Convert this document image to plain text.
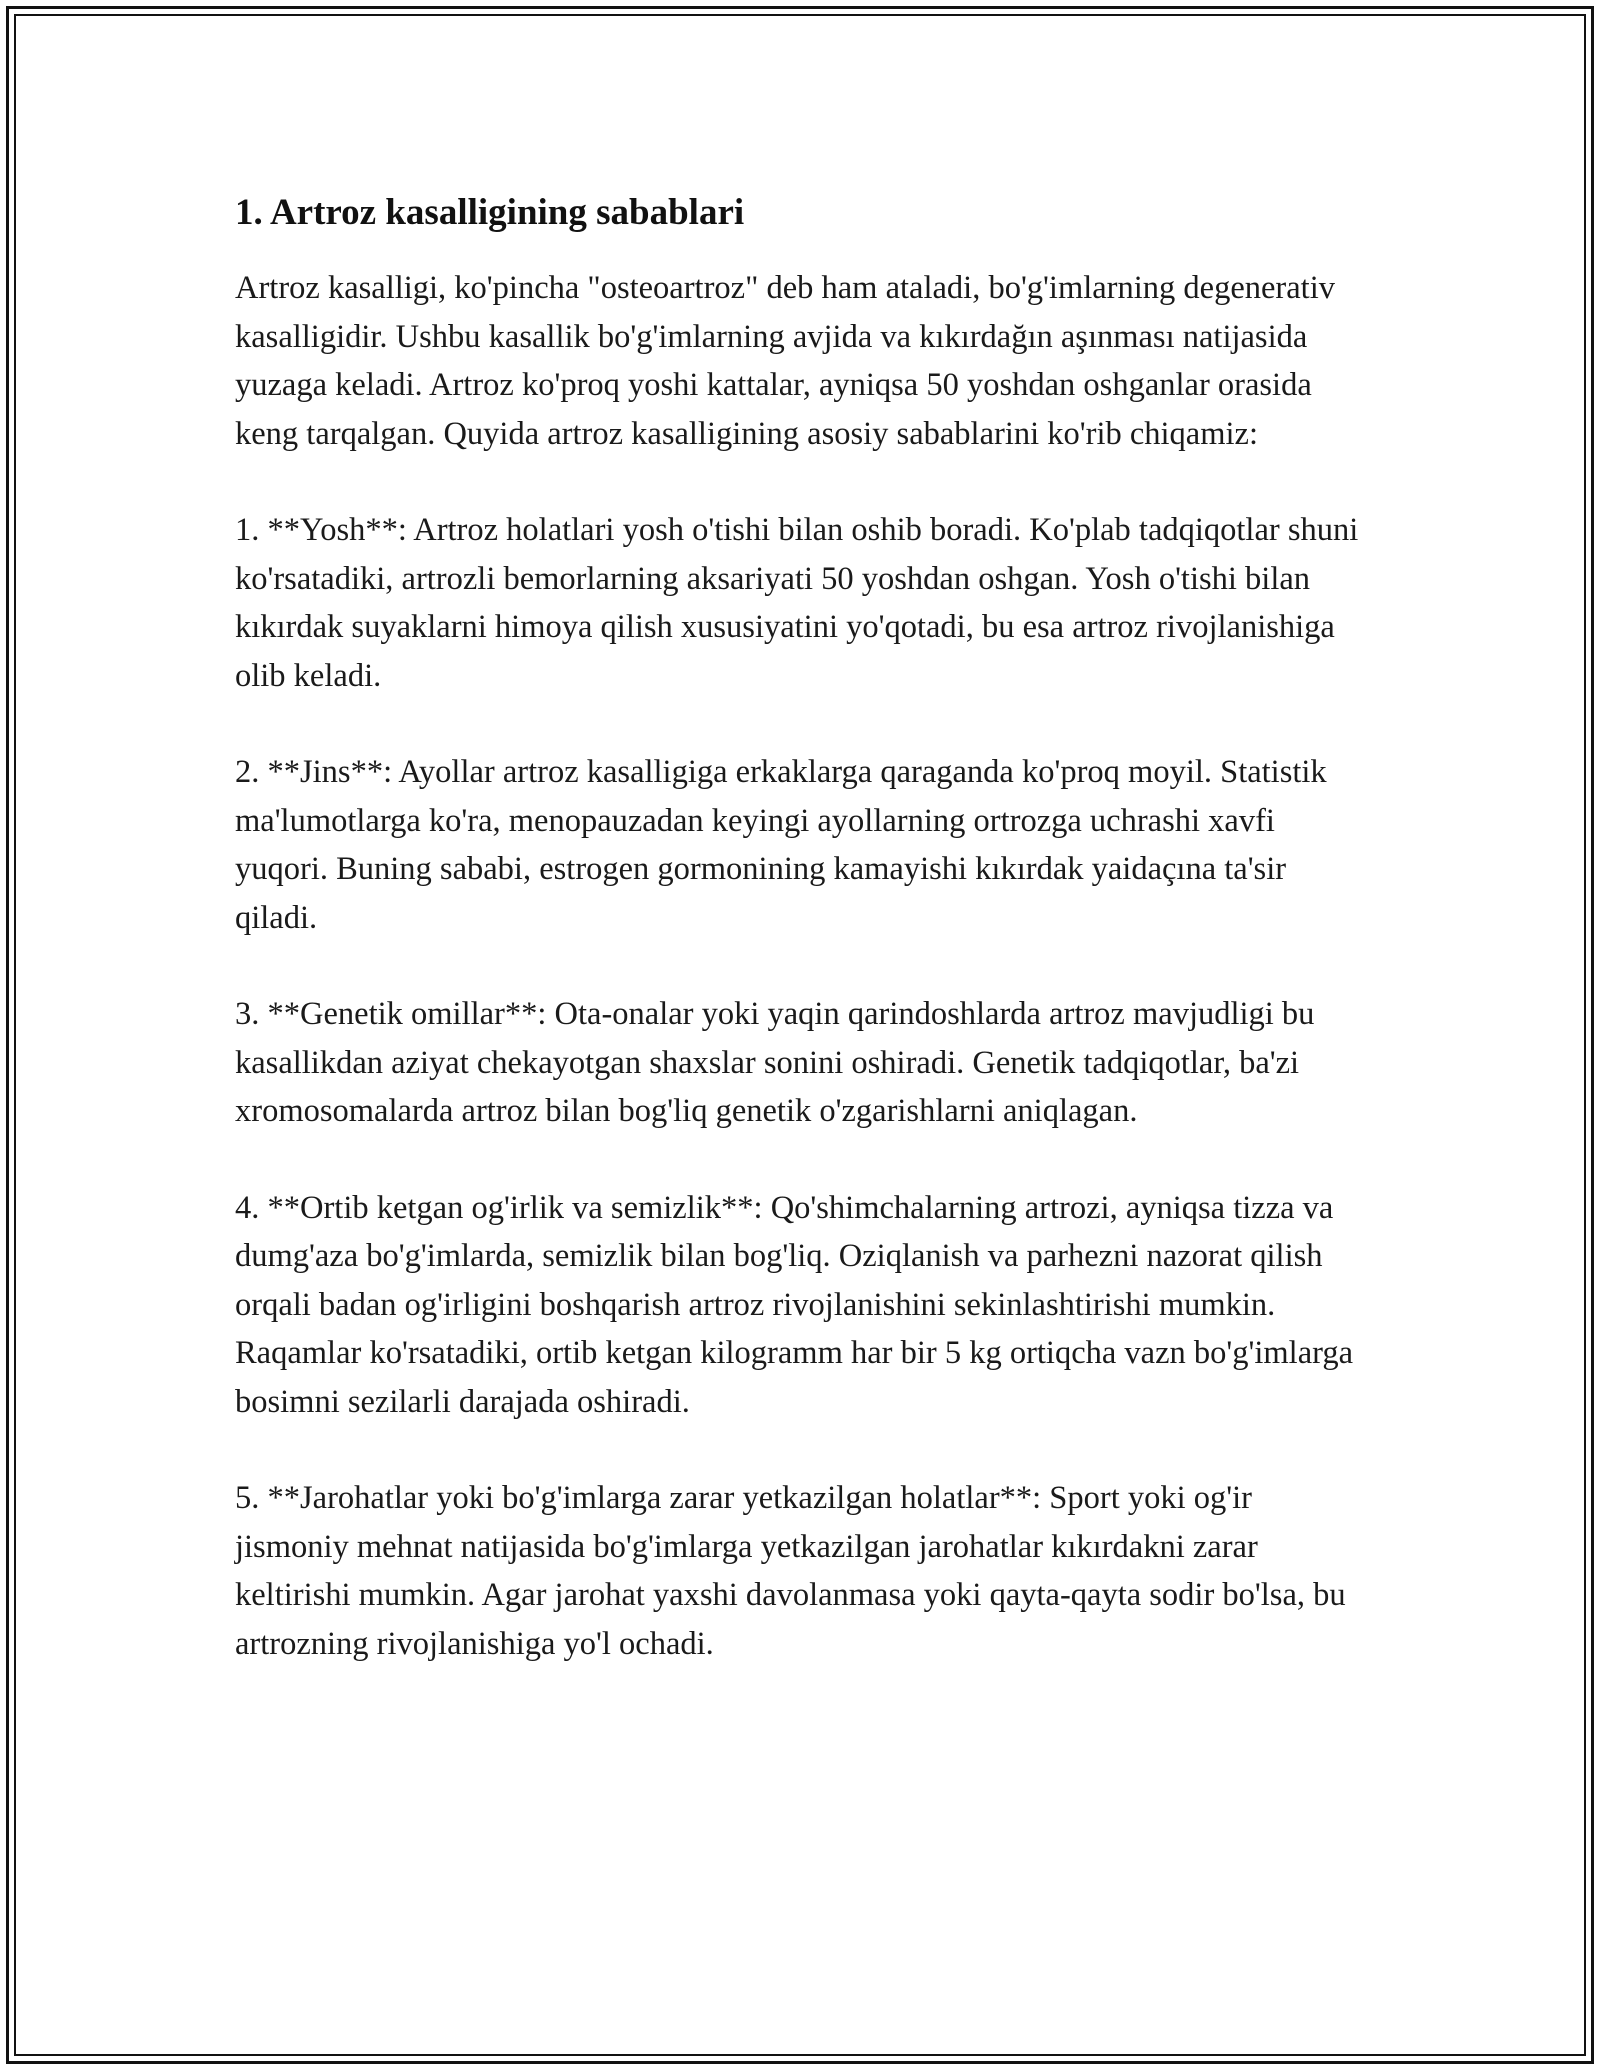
1. Artroz kasalligining sabablari

Artroz kasalligi, ko'pincha "osteoartroz" deb ham ataladi, bo'g'imlarning degenerativ kasalligidir. Ushbu kasallik bo'g'imlarning avjida va kıkırdağın aşınması natijasida yuzaga keladi. Artroz ko'proq yoshi kattalar, ayniqsa 50 yoshdan oshganlar orasida keng tarqalgan. Quyida artroz kasalligining asosiy sabablarini ko'rib chiqamiz:

1. **Yosh**: Artroz holatlari yosh o'tishi bilan oshib boradi. Ko'plab tadqiqotlar shuni ko'rsatadiki, artrozli bemorlarning aksariyati 50 yoshdan oshgan. Yosh o'tishi bilan kıkırdak suyaklarni himoya qilish xususiyatini yo'qotadi, bu esa artroz rivojlanishiga olib keladi.

2. **Jins**: Ayollar artroz kasalligiga erkaklarga qaraganda ko'proq moyil. Statistik ma'lumotlarga ko'ra, menopauzadan keyingi ayollarning ortrozga uchrashi xavfi yuqori. Buning sababi, estrogen gormonining kamayishi kıkırdak yaidaçına ta'sir qiladi.

3. **Genetik omillar**: Ota-onalar yoki yaqin qarindoshlarda artroz mavjudligi bu kasallikdan aziyat chekayotgan shaxslar sonini oshiradi. Genetik tadqiqotlar, ba'zi xromosomalarda artroz bilan bog'liq genetik o'zgarishlarni aniqlagan.

4. **Ortib ketgan og'irlik va semizlik**: Qo'shimchalarning artrozi, ayniqsa tizza va dumg'aza bo'g'imlarda, semizlik bilan bog'liq. Oziqlanish va parhezni nazorat qilish orqali badan og'irligini boshqarish artroz rivojlanishini sekinlashtirishi mumkin. Raqamlar ko'rsatadiki, ortib ketgan kilogramm har bir 5 kg ortiqcha vazn bo'g'imlarga bosimni sezilarli darajada oshiradi.

5. **Jarohatlar yoki bo'g'imlarga zarar yetkazilgan holatlar**: Sport yoki og'ir jismoniy mehnat natijasida bo'g'imlarga yetkazilgan jarohatlar kıkırdakni zarar keltirishi mumkin. Agar jarohat yaxshi davolanmasa yoki qayta-qayta sodir bo'lsa, bu artrozning rivojlanishiga yo'l ochadi.
